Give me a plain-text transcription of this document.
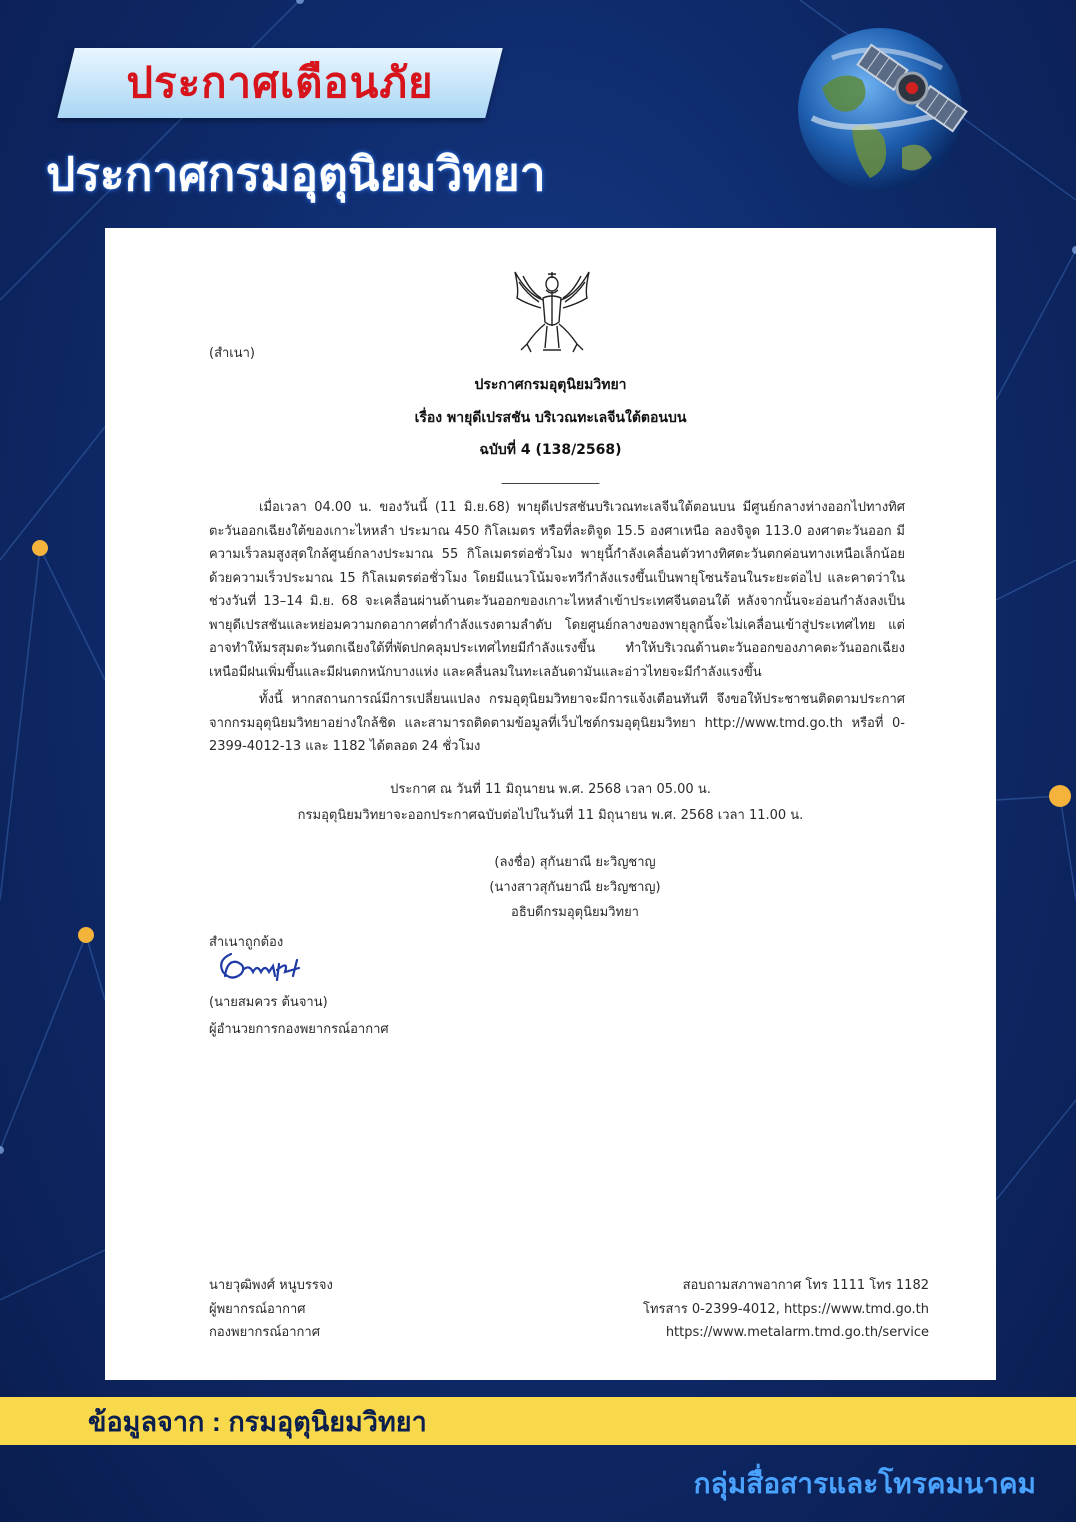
ประกาศเตือนภัย
ประกาศกรมอุตุนิยมวิทยา
(สำเนา)
ประกาศกรมอุตุนิยมวิทยา
เรื่อง พายุดีเปรสชัน บริเวณทะเลจีนใต้ตอนบน
ฉบับที่ 4 (138/2568)
_______________

เมื่อเวลา 04.00 น. ของวันนี้ (11 มิ.ย.68) พายุดีเปรสชันบริเวณทะเลจีนใต้ตอนบน มีศูนย์กลางห่างออกไปทางทิศตะวันออกเฉียงใต้ของเกาะไหหลำ ประมาณ 450 กิโลเมตร หรือที่ละติจูด 15.5 องศาเหนือ ลองจิจูด 113.0 องศาตะวันออก มีความเร็วลมสูงสุดใกล้ศูนย์กลางประมาณ 55 กิโลเมตรต่อชั่วโมง พายุนี้กำลังเคลื่อนตัวทางทิศตะวันตกค่อนทางเหนือเล็กน้อย ด้วยความเร็วประมาณ 15 กิโลเมตรต่อชั่วโมง โดยมีแนวโน้มจะทวีกำลังแรงขึ้นเป็นพายุโซนร้อนในระยะต่อไป และคาดว่าในช่วงวันที่ 13–14 มิ.ย. 68 จะเคลื่อนผ่านด้านตะวันออกของเกาะไหหลำเข้าประเทศจีนตอนใต้ หลังจากนั้นจะอ่อนกำลังลงเป็นพายุดีเปรสชันและหย่อมความกดอากาศต่ำกำลังแรงตามลำดับ โดยศูนย์กลางของพายุลูกนี้จะไม่เคลื่อนเข้าสู่ประเทศไทย แต่อาจทำให้มรสุมตะวันตกเฉียงใต้ที่พัดปกคลุมประเทศไทยมีกำลังแรงขึ้น ทำให้บริเวณด้านตะวันออกของภาคตะวันออกเฉียงเหนือมีฝนเพิ่มขึ้นและมีฝนตกหนักบางแห่ง และคลื่นลมในทะเลอันดามันและอ่าวไทยจะมีกำลังแรงขึ้น

ทั้งนี้ หากสถานการณ์มีการเปลี่ยนแปลง กรมอุตุนิยมวิทยาจะมีการแจ้งเตือนทันที จึงขอให้ประชาชนติดตามประกาศจากกรมอุตุนิยมวิทยาอย่างใกล้ชิด และสามารถติดตามข้อมูลที่เว็บไซต์กรมอุตุนิยมวิทยา http://www.tmd.go.th หรือที่ 0-2399-4012-13 และ 1182 ได้ตลอด 24 ชั่วโมง

ประกาศ ณ วันที่ 11 มิถุนายน พ.ศ. 2568 เวลา 05.00 น.
กรมอุตุนิยมวิทยาจะออกประกาศฉบับต่อไปในวันที่ 11 มิถุนายน พ.ศ. 2568 เวลา 11.00 น.
(ลงชื่อ) สุกันยาณี ยะวิญชาญ
(นางสาวสุกันยาณี ยะวิญชาญ)
อธิบดีกรมอุตุนิยมวิทยา
สำเนาถูกต้อง
(นายสมควร ต้นจาน)
ผู้อำนวยการกองพยากรณ์อากาศ
นายวุฒิพงศ์ หนูบรรจง
ผู้พยากรณ์อากาศ
กองพยากรณ์อากาศ
สอบถามสภาพอากาศ โทร 1111 โทร 1182
โทรสาร 0-2399-4012, https://www.tmd.go.th
https://www.metalarm.tmd.go.th/service
ข้อมูลจาก : กรมอุตุนิยมวิทยา
กลุ่มสื่อสารและโทรคมนาคม
